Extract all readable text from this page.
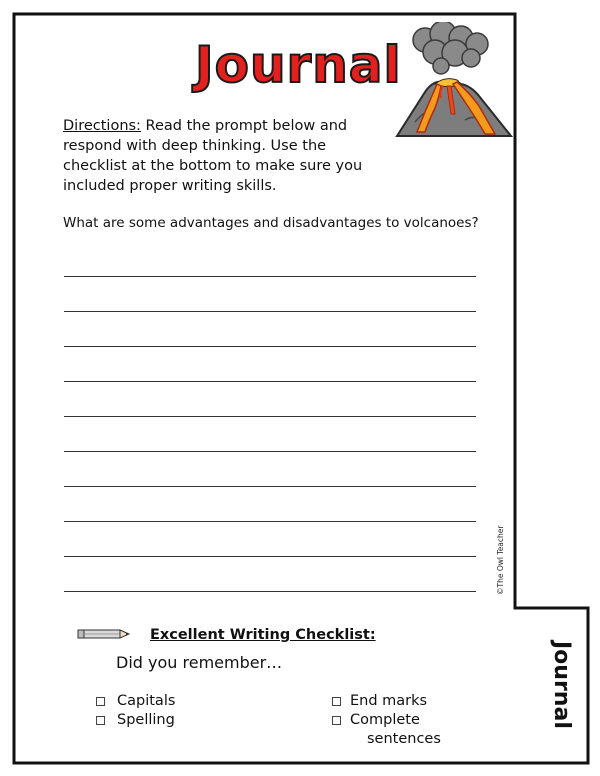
Journal
Directions: Read the prompt below and respond with deep thinking. Use the checklist at the bottom to make sure you included proper writing skills.
What are some advantages and disadvantages to volcanoes?
©The Owl Teacher
Excellent Writing Checklist:
Did you remember…
Capitals
Spelling
End marks
Complete
sentences
Journal
